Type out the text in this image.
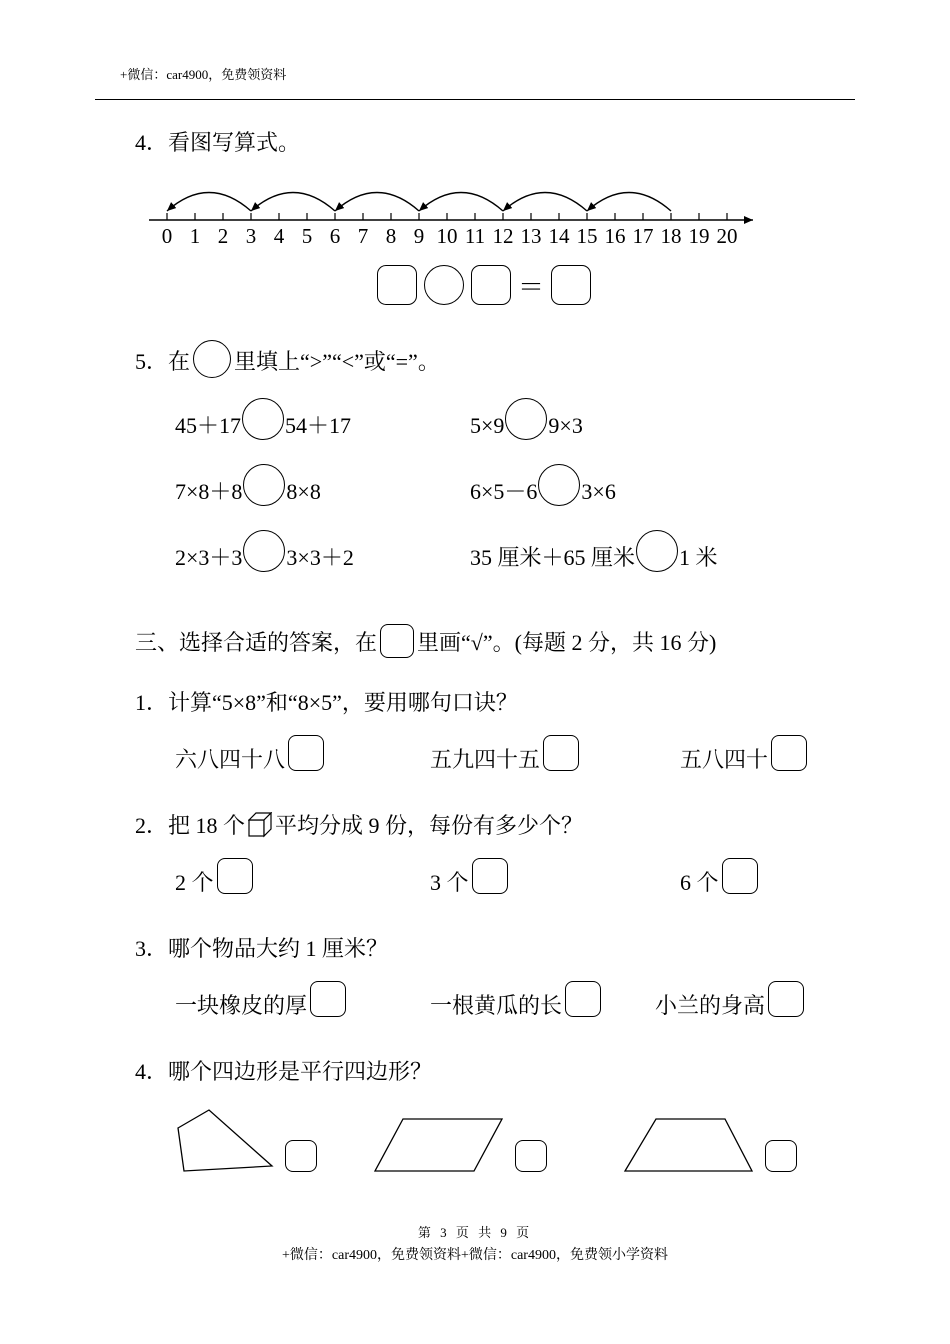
+微信：car4900，免费领资料
4．看图写算式。
0 1 2 3 4 5 6 7 8 9 10 11 12 13 14 15 16 17 18 19 20
＝
5．在 里填上“>”“<”或“=”。
45＋17 54＋17	5×9 9×3
7×8＋8 8×8	6×5－6 3×6
2×3＋3 3×3＋2	35 厘米＋65 厘米 1 米
三、选择合适的答案，在 里画“√”。(每题 2 分，共 16 分)
1．计算“5×8”和“8×5”，要用哪句口诀？
六八四十八	五九四十五	五八四十
2．把 18 个 平均分成 9 份，每份有多少个？
2 个	3 个	6 个
3．哪个物品大约 1 厘米？
一块橡皮的厚	一根黄瓜的长	小兰的身高
4．哪个四边形是平行四边形？
第 3 页 共 9 页
+微信：car4900，免费领资料+微信：car4900，免费领小学资料
